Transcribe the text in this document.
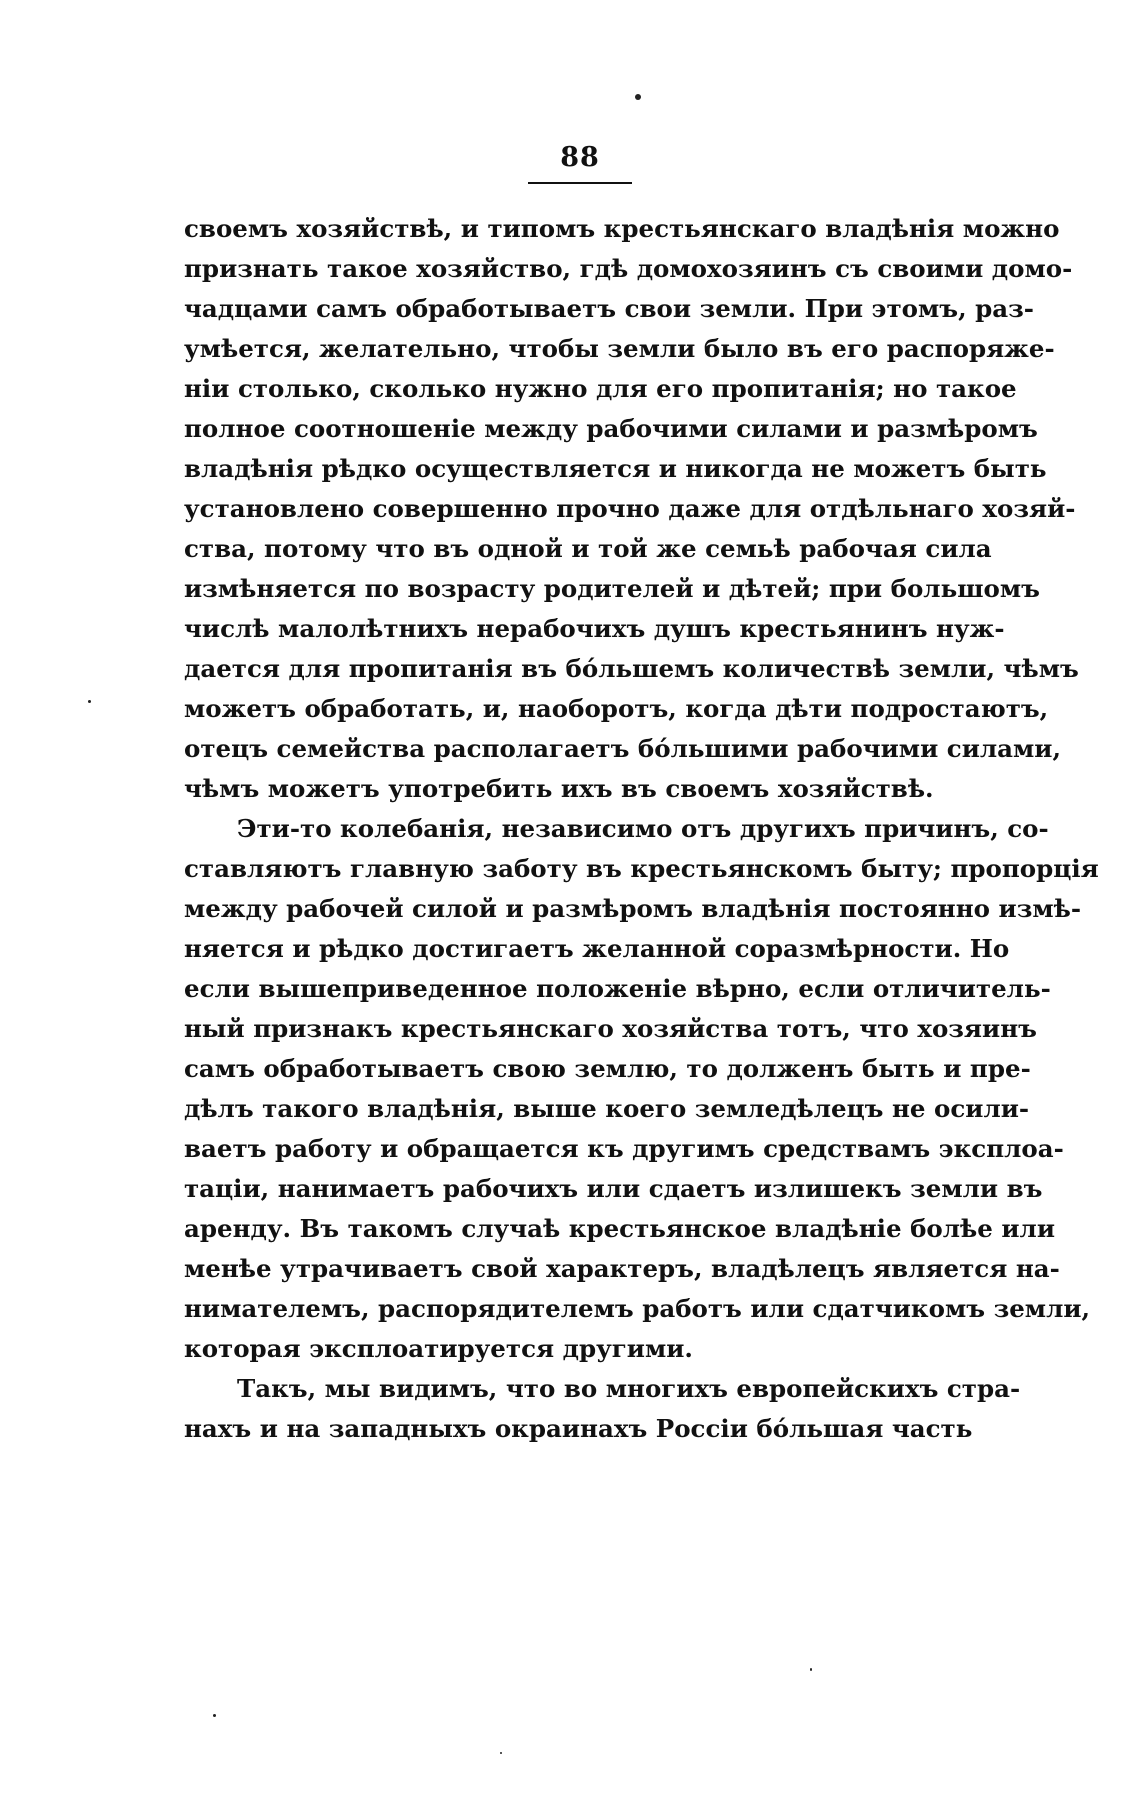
88
своемъ хозяйствѣ, и типомъ крестьянскаго владѣнія можно
признать такое хозяйство, гдѣ домохозяинъ съ своими домо-
чадцами самъ обработываетъ свои земли. При этомъ, раз-
умѣется, желательно, чтобы земли было въ его распоряже-
ніи столько, сколько нужно для его пропитанія; но такое
полное соотношеніе между рабочими силами и размѣромъ
владѣнія рѣдко осуществляется и никогда не можетъ быть
установлено совершенно прочно даже для отдѣльнаго хозяй-
ства, потому что въ одной и той же семьѣ рабочая сила
измѣняется по возрасту родителей и дѣтей; при большомъ
числѣ малолѣтнихъ нерабочихъ душъ крестьянинъ нуж-
дается для пропитанія въ бóльшемъ количествѣ земли, чѣмъ
можетъ обработать, и, наоборотъ, когда дѣти подростаютъ,
отецъ семейства располагаетъ бóльшими рабочими силами,
чѣмъ можетъ употребить ихъ въ своемъ хозяйствѣ.
Эти-то колебанія, независимо отъ другихъ причинъ, со-
ставляютъ главную заботу въ крестьянскомъ быту; пропорція
между рабочей силой и размѣромъ владѣнія постоянно измѣ-
няется и рѣдко достигаетъ желанной соразмѣрности. Но
если вышеприведенное положеніе вѣрно, если отличитель-
ный признакъ крестьянскаго хозяйства тотъ, что хозяинъ
самъ обработываетъ свою землю, то долженъ быть и пре-
дѣлъ такого владѣнія, выше коего земледѣлецъ не осили-
ваетъ работу и обращается къ другимъ средствамъ эксплоа-
таціи, нанимаетъ рабочихъ или сдаетъ излишекъ земли въ
аренду. Въ такомъ случаѣ крестьянское владѣніе болѣе или
менѣе утрачиваетъ свой характеръ, владѣлецъ является на-
нимателемъ, распорядителемъ работъ или сдатчикомъ земли,
которая эксплоатируется другими.
Такъ, мы видимъ, что во многихъ европейскихъ стра-
нахъ и на западныхъ окраинахъ Россіи бóльшая часть
